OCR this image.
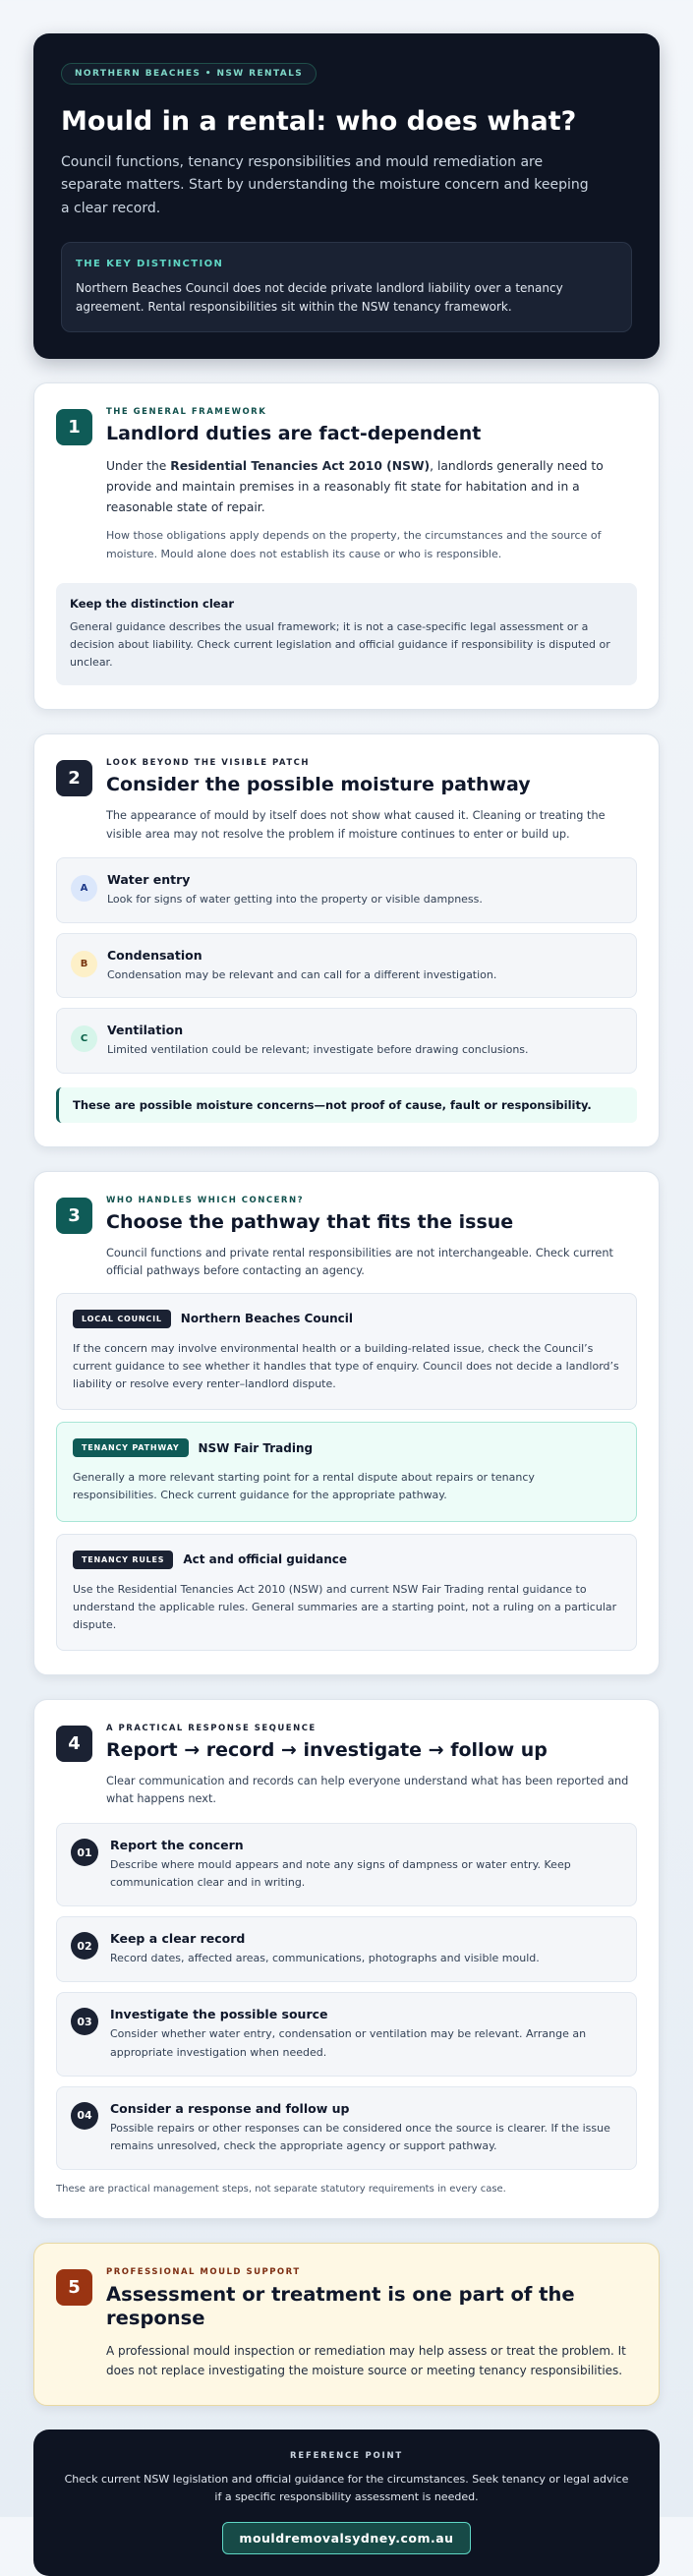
NORTHERN BEACHES • NSW RENTALS
Mould in a rental: who does what?

Council functions, tenancy responsibilities and mould remediation are separate matters. Start by understanding the moisture concern and keeping a clear record.

THE KEY DISTINCTION

Northern Beaches Council does not decide private landlord liability over a tenancy agreement. Rental responsibilities sit within the NSW tenancy framework.

1
THE GENERAL FRAMEWORK
Landlord duties are fact-dependent

Under the Residential Tenancies Act 2010 (NSW), landlords generally need to provide and maintain premises in a reasonably fit state for habitation and in a reasonable state of repair.

How those obligations apply depends on the property, the circumstances and the source of moisture. Mould alone does not establish its cause or who is responsible.

Keep the distinction clear

General guidance describes the usual framework; it is not a case-specific legal assessment or a decision about liability. Check current legislation and official guidance if responsibility is disputed or unclear.

2
LOOK BEYOND THE VISIBLE PATCH
Consider the possible moisture pathway

The appearance of mould by itself does not show what caused it. Cleaning or treating the visible area may not resolve the problem if moisture continues to enter or build up.

A
Water entry
Look for signs of water getting into the property or visible dampness.
B
Condensation
Condensation may be relevant and can call for a different investigation.
C
Ventilation
Limited ventilation could be relevant; investigate before drawing conclusions.
These are possible moisture concerns—not proof of cause, fault or responsibility.
3
WHO HANDLES WHICH CONCERN?
Choose the pathway that fits the issue

Council functions and private rental responsibilities are not interchangeable. Check current official pathways before contacting an agency.

LOCAL COUNCIL	Northern Beaches Council

If the concern may involve environmental health or a building-related issue, check the Council’s current guidance to see whether it handles that type of enquiry. Council does not decide a landlord’s liability or resolve every renter–landlord dispute.

TENANCY PATHWAY	NSW Fair Trading

Generally a more relevant starting point for a rental dispute about repairs or tenancy responsibilities. Check current guidance for the appropriate pathway.

TENANCY RULES	Act and official guidance

Use the Residential Tenancies Act 2010 (NSW) and current NSW Fair Trading rental guidance to understand the applicable rules. General summaries are a starting point, not a ruling on a particular dispute.

4
A PRACTICAL RESPONSE SEQUENCE
Report → record → investigate → follow up

Clear communication and records can help everyone understand what has been reported and what happens next.

01	Report the concern
Describe where mould appears and note any signs of dampness or water entry. Keep communication clear and in writing.
02	Keep a clear record
Record dates, affected areas, communications, photographs and visible mould.
03	Investigate the possible source
Consider whether water entry, condensation or ventilation may be relevant. Arrange an appropriate investigation when needed.
04	Consider a response and follow up
Possible repairs or other responses can be considered once the source is clearer. If the issue remains unresolved, check the appropriate agency or support pathway.

These are practical management steps, not separate statutory requirements in every case.

5
PROFESSIONAL MOULD SUPPORT
Assessment or treatment is one part of the response

A professional mould inspection or remediation may help assess or treat the problem. It does not replace investigating the moisture source or meeting tenancy responsibilities.

REFERENCE POINT

Check current NSW legislation and official guidance for the circumstances. Seek tenancy or legal advice if a specific responsibility assessment is needed.

mouldremovalsydney.com.au
